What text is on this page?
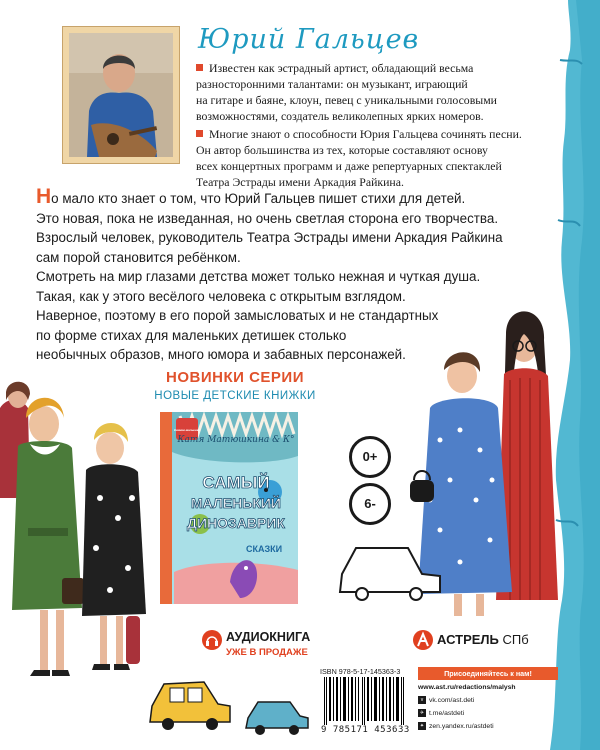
Юрий Гальцев
Известен как эстрадный артист, обладающий весьма
разносторонними талантами: он музыкант, играющий
на гитаре и баяне, клоун, певец с уникальными голосовыми
возможностями, создатель великолепных ярких номеров.
Многие знают о способности Юрия Гальцева сочинять песни.
Он автор большинства из тех, которые составляют основу
всех концертных программ и даже репертуарных спектаклей
Театра Эстрады имени Аркадия Райкина.
Но мало кто знает о том, что Юрий Гальцев пишет стихи для детей.
Это новая, пока не изведанная, но очень светлая сторона его творчества.
Взрослый человек, руководитель Театра Эстрады имени Аркадия Райкина
сам порой становится ребёнком.
Смотреть на мир глазами детства может только нежная и чуткая душа.
Такая, как у этого весёлого человека с открытым взглядом.
Наверное, поэтому в его порой замысловатых и не стандартных
по форме стихах для маленьких детишек столько
необычных образов, много юмора и забавных персонажей.
НОВИНКИ СЕРИИ
НОВЫЕ ДЕТСКИЕ КНИЖКИ
Катя Матюшкина & К°
САМЫЙ
МАЛЕНЬКИЙ
ДИНОЗАВРИК
СКАЗКИ
Книжки-малышки
0+
6-
АУДИОКНИГА
УЖЕ В ПРОДАЖЕ
АСТРЕЛЬ СПб
ISBN 978-5-17-145363-3
9 785171 453633
Присоединяйтесь к нам!
www.ast.ru/redactions/malysh
v vk.com/ast.deti
✈ t.me/astdeti
✦ zen.yandex.ru/astdeti
